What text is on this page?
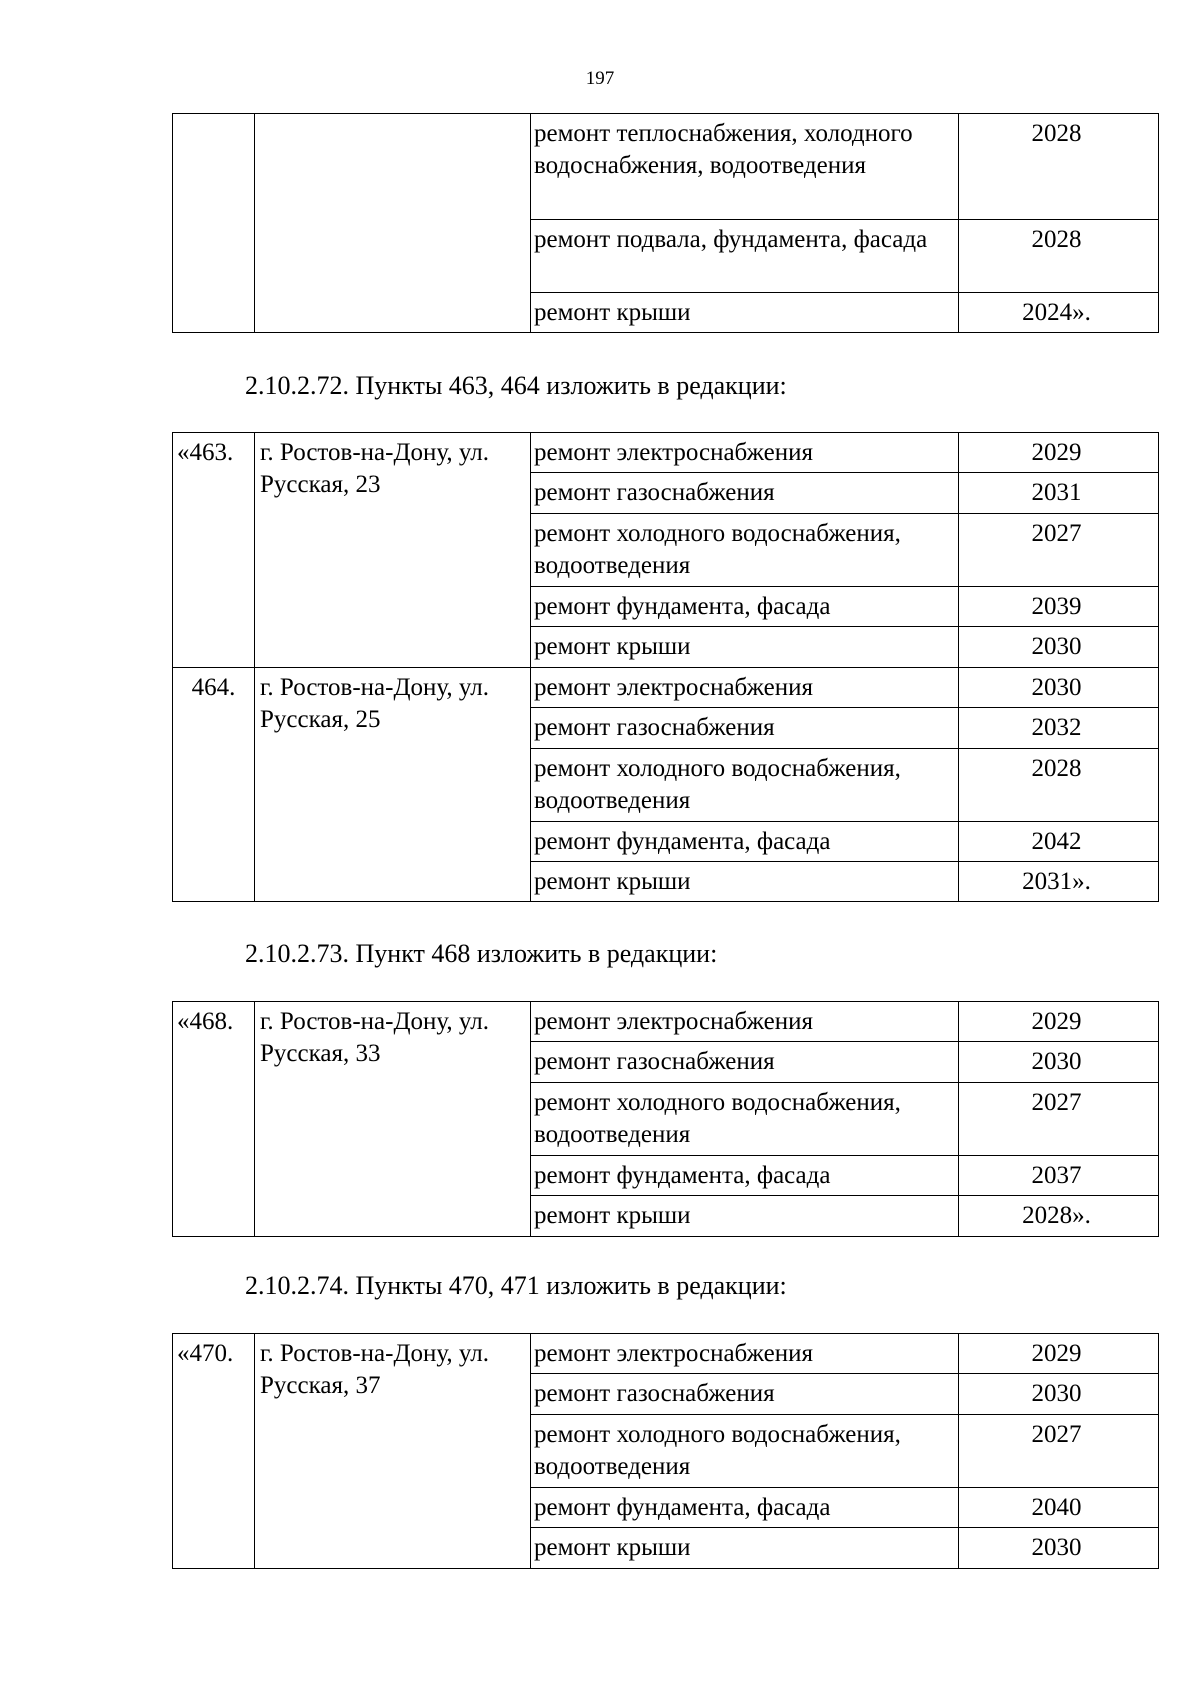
197
		ремонт теплоснабжения, холодного водоснабжения, водоотведения	2028
		ремонт подвала, фундамента, фасада	2028
		ремонт крыши	2024».
2.10.2.72. Пункты 463, 464 изложить в редакции:
«463.	г. Ростов-на-Дону, ул. Русская, 23	ремонт электроснабжения	2029
		ремонт газоснабжения	2031
		ремонт холодного водоснабжения, водоотведения	2027
		ремонт фундамента, фасада	2039
		ремонт крыши	2030
464.	г. Ростов-на-Дону, ул. Русская, 25	ремонт электроснабжения	2030
		ремонт газоснабжения	2032
		ремонт холодного водоснабжения, водоотведения	2028
		ремонт фундамента, фасада	2042
		ремонт крыши	2031».
2.10.2.73. Пункт 468 изложить в редакции:
«468.	г. Ростов-на-Дону, ул. Русская, 33	ремонт электроснабжения	2029
		ремонт газоснабжения	2030
		ремонт холодного водоснабжения, водоотведения	2027
		ремонт фундамента, фасада	2037
		ремонт крыши	2028».
2.10.2.74. Пункты 470, 471 изложить в редакции:
«470.	г. Ростов-на-Дону, ул. Русская, 37	ремонт электроснабжения	2029
		ремонт газоснабжения	2030
		ремонт холодного водоснабжения, водоотведения	2027
		ремонт фундамента, фасада	2040
		ремонт крыши	2030
